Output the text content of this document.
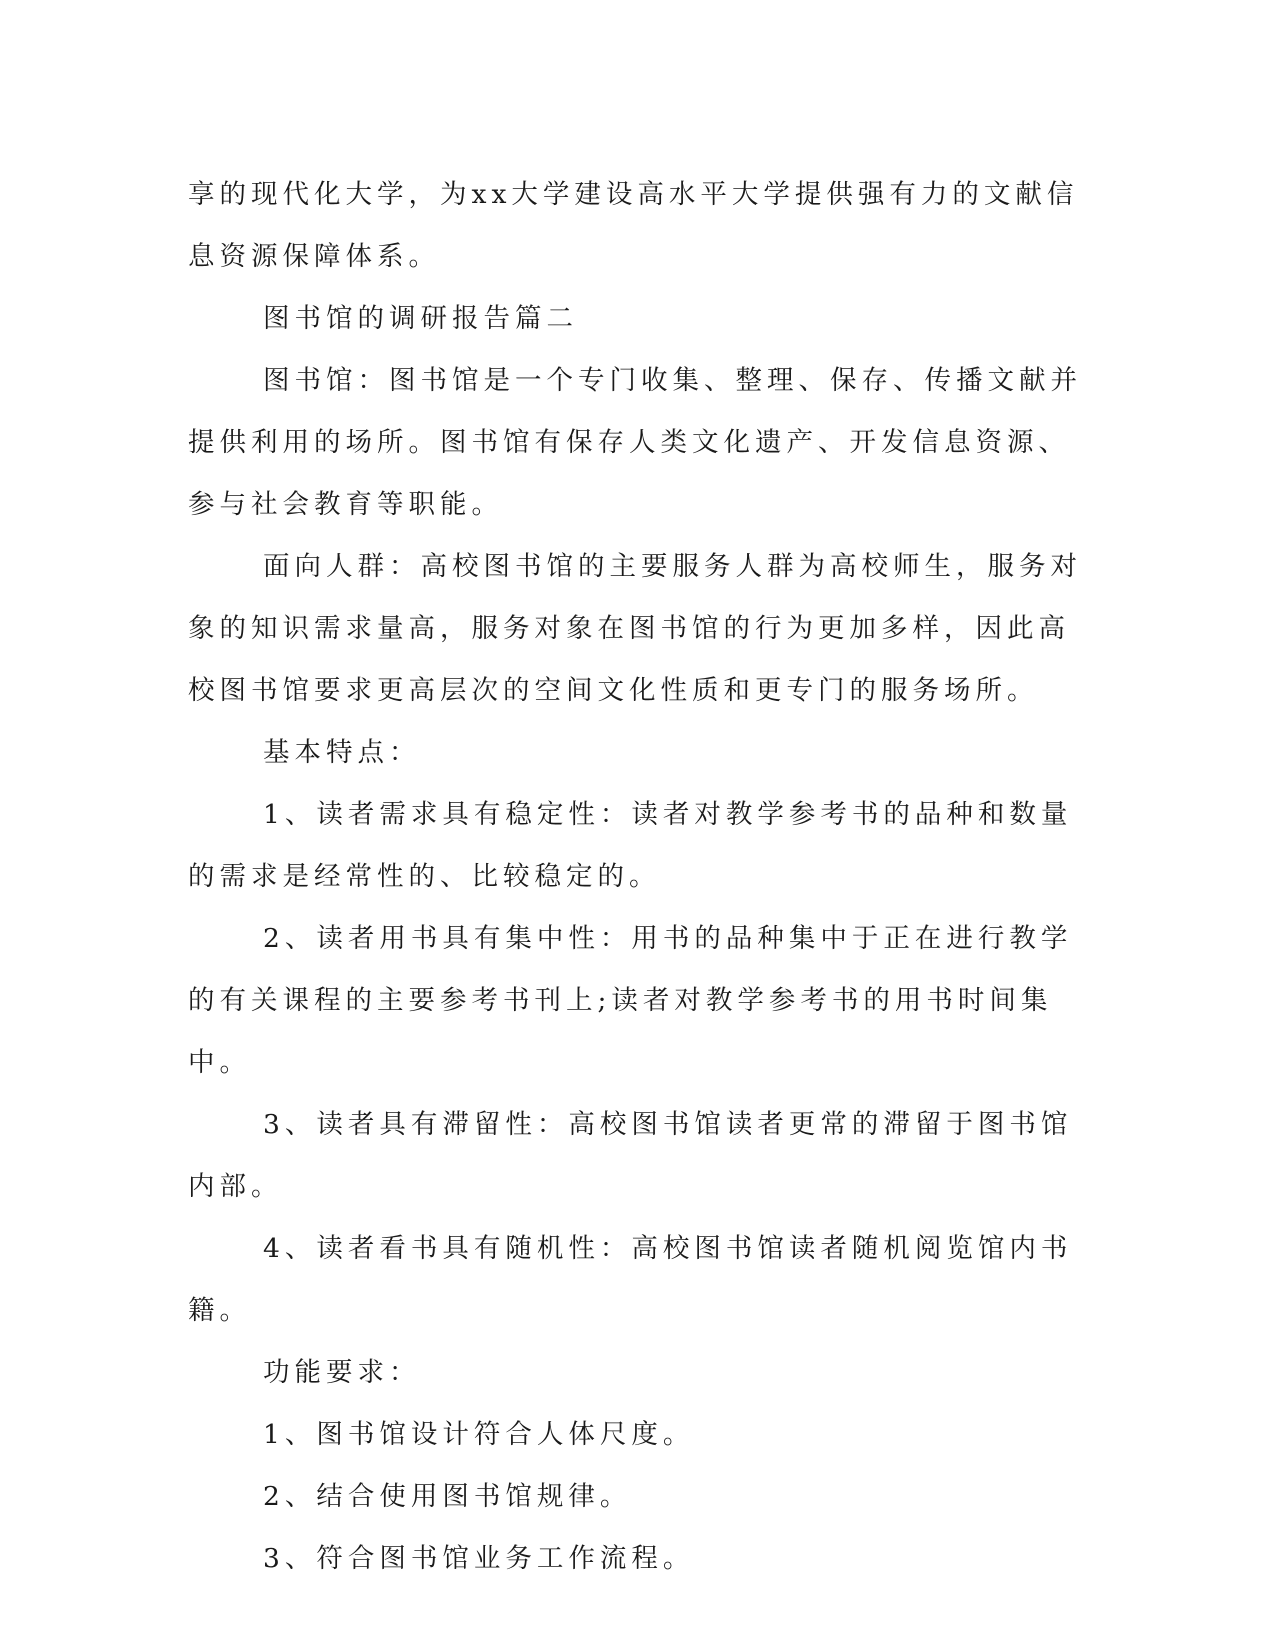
享的现代化大学，为xx大学建设高水平大学提供强有力的文献信息资源保障体系。

图书馆的调研报告篇二

图书馆：图书馆是一个专门收集、整理、保存、传播文献并提供利用的场所。图书馆有保存人类文化遗产、开发信息资源、参与社会教育等职能。

面向人群：高校图书馆的主要服务人群为高校师生，服务对象的知识需求量高，服务对象在图书馆的行为更加多样，因此高校图书馆要求更高层次的空间文化性质和更专门的服务场所。

基本特点：

1、读者需求具有稳定性：读者对教学参考书的品种和数量的需求是经常性的、比较稳定的。

2、读者用书具有集中性：用书的品种集中于正在进行教学的有关课程的主要参考书刊上;读者对教学参考书的用书时间集中。

3、读者具有滞留性：高校图书馆读者更常的滞留于图书馆内部。

4、读者看书具有随机性：高校图书馆读者随机阅览馆内书籍。

功能要求：

1、图书馆设计符合人体尺度。

2、结合使用图书馆规律。

3、符合图书馆业务工作流程。
